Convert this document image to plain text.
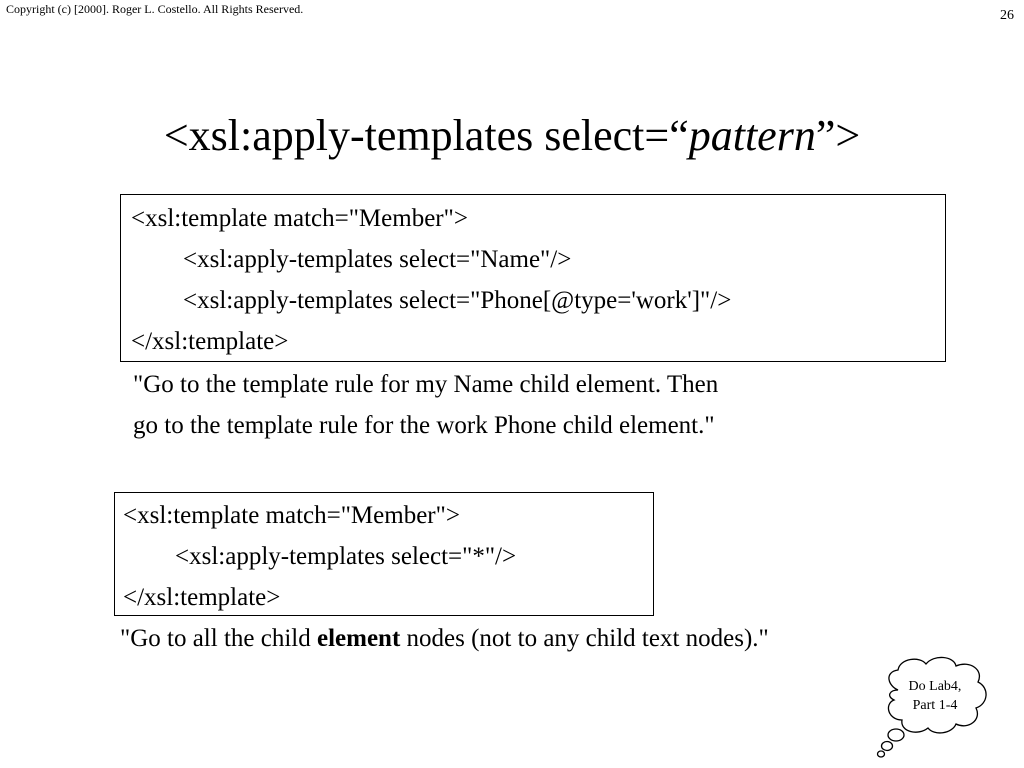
Copyright (c) [2000]. Roger L. Costello. All Rights Reserved.	26
<xsl:apply-templates select=“pattern”>
<xsl:template match="Member">
<xsl:apply-templates select="Name"/>
<xsl:apply-templates select="Phone[@type='work']"/>
</xsl:template>
"Go to the template rule for my Name child element. Then
go to the template rule for the work Phone child element."
<xsl:template match="Member">
<xsl:apply-templates select="*"/>
</xsl:template>
"Go to all the child element nodes (not to any child text nodes)."
Do Lab4,
Part 1-4
